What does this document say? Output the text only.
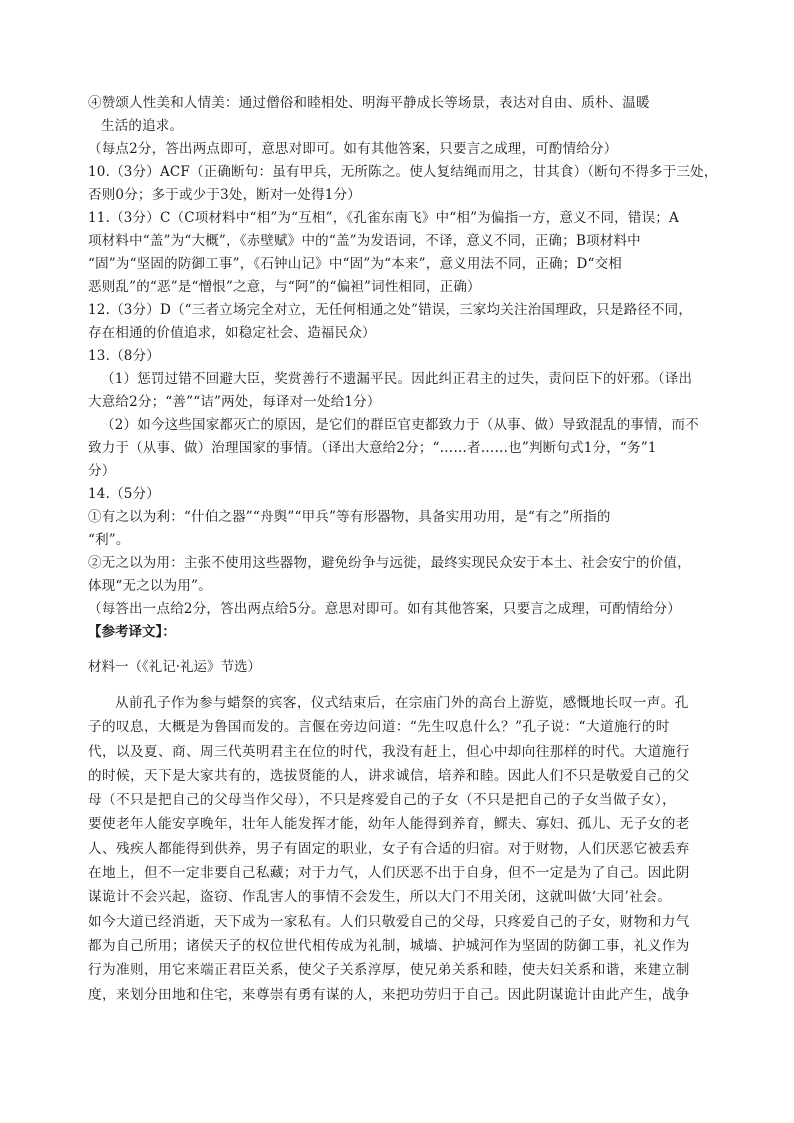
④赞颂人性美和人情美：通过僧俗和睦相处、明海平静成长等场景，表达对自由、质朴、温暖
生活的追求。
（每点2分，答出两点即可，意思对即可。如有其他答案，只要言之成理，可酌情给分）
10.（3分）ACF（正确断句：虽有甲兵，无所陈之。使人复结绳而用之，甘其食）（断句不得多于三处，
否则0分；多于或少于3处，断对一处得1分）
11.（3分）C（C项材料中“相”为“互相”，《孔雀东南飞》中“相”为偏指一方，意义不同，错误；A
项材料中“盖”为“大概”，《赤壁赋》中的“盖”为发语词，不译，意义不同，正确；B项材料中
“固”为“坚固的防御工事”，《石钟山记》中“固”为“本来”，意义用法不同，正确；D“交相
恶则乱”的“恶”是“憎恨”之意，与“阿”的“偏袒”词性相同，正确）
12.（3分）D（“三者立场完全对立，无任何相通之处”错误，三家均关注治国理政，只是路径不同，
存在相通的价值追求，如稳定社会、造福民众）
13.（8分）
（1）惩罚过错不回避大臣，奖赏善行不遗漏平民。因此纠正君主的过失，责问臣下的奸邪。（译出
大意给2分；“善”“诘”两处，每译对一处给1分）
（2）如今这些国家都灭亡的原因，是它们的群臣官吏都致力于（从事、做）导致混乱的事情，而不
致力于（从事、做）治理国家的事情。（译出大意给2分；“……者……也”判断句式1分，“务”1
分）
14.（5分）
①有之以为利：“什伯之器”“舟舆”“甲兵”等有形器物，具备实用功用，是“有之”所指的
“利”。
②无之以为用：主张不使用这些器物，避免纷争与远徙，最终实现民众安于本土、社会安宁的价值，
体现“无之以为用”。
（每答出一点给2分，答出两点给5分。意思对即可。如有其他答案，只要言之成理，可酌情给分）
【参考译文】：
材料一（《礼记·礼运》节选）
从前孔子作为参与蜡祭的宾客，仪式结束后，在宗庙门外的高台上游览，感慨地长叹一声。孔
子的叹息，大概是为鲁国而发的。言偃在旁边问道：“先生叹息什么？”孔子说：“大道施行的时
代，以及夏、商、周三代英明君主在位的时代，我没有赶上，但心中却向往那样的时代。大道施行
的时候，天下是大家共有的，选拔贤能的人，讲求诚信，培养和睦。因此人们不只是敬爱自己的父
母（不只是把自己的父母当作父母），不只是疼爱自己的子女（不只是把自己的子女当做子女），
要使老年人能安享晚年，壮年人能发挥才能，幼年人能得到养育，鳏夫、寡妇、孤儿、无子女的老
人、残疾人都能得到供养，男子有固定的职业，女子有合适的归宿。对于财物，人们厌恶它被丢弃
在地上，但不一定非要自己私藏；对于力气，人们厌恶不出于自身，但不一定是为了自己。因此阴
谋诡计不会兴起，盗窃、作乱害人的事情不会发生，所以大门不用关闭，这就叫做‘大同’社会。
如今大道已经消逝，天下成为一家私有。人们只敬爱自己的父母，只疼爱自己的子女，财物和力气
都为自己所用；诸侯天子的权位世代相传成为礼制，城墙、护城河作为坚固的防御工事，礼义作为
行为准则，用它来端正君臣关系，使父子关系淳厚，使兄弟关系和睦，使夫妇关系和谐，来建立制
度，来划分田地和住宅，来尊崇有勇有谋的人，来把功劳归于自己。因此阴谋诡计由此产生，战争
